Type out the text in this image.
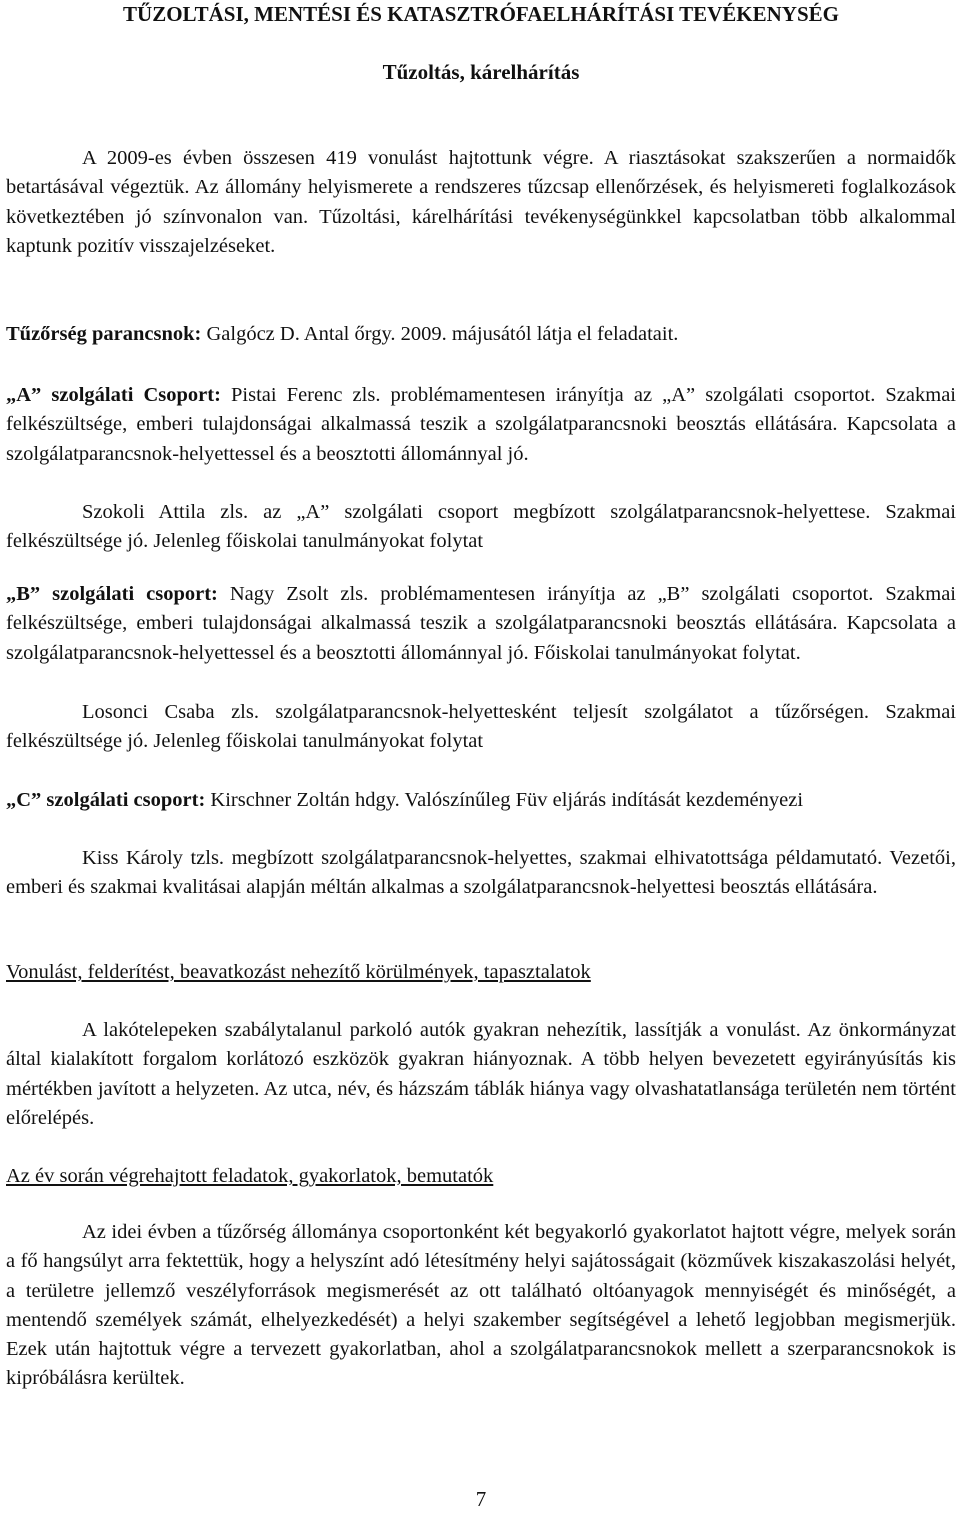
TŰZOLTÁSI, MENTÉSI ÉS KATASZTRÓFAELHÁRÍTÁSI TEVÉKENYSÉG
Tűzoltás, kárelhárítás

A 2009-es évben összesen 419 vonulást hajtottunk végre. A riasztásokat szakszerűen a normaidők betartásával végeztük. Az állomány helyismerete a rendszeres tűzcsap ellenőrzések, és helyismereti foglalkozások következtében jó színvonalon van. Tűzoltási, kárelhárítási tevékenységünkkel kapcsolatban több alkalommal kaptunk pozitív visszajelzéseket.

Tűzőrség parancsnok: Galgócz D. Antal őrgy. 2009. májusától látja el feladatait.

„A” szolgálati Csoport: Pistai Ferenc zls. problémamentesen irányítja az „A” szolgálati csoportot. Szakmai felkészültsége, emberi tulajdonságai alkalmassá teszik a szolgálatparancsnoki beosztás ellátására. Kapcsolata a szolgálatparancsnok-helyettessel és a beosztotti állománnyal jó.

Szokoli Attila zls. az „A” szolgálati csoport megbízott szolgálatparancsnok-helyettese. Szakmai felkészültsége jó. Jelenleg főiskolai tanulmányokat folytat

„B” szolgálati csoport: Nagy Zsolt zls. problémamentesen irányítja az „B” szolgálati csoportot. Szakmai felkészültsége, emberi tulajdonságai alkalmassá teszik a szolgálatparancsnoki beosztás ellátására. Kapcsolata a szolgálatparancsnok-helyettessel és a beosztotti állománnyal jó. Főiskolai tanulmányokat folytat.

Losonci Csaba zls. szolgálatparancsnok-helyettesként teljesít szolgálatot a tűzőrségen. Szakmai felkészültsége jó. Jelenleg főiskolai tanulmányokat folytat

„C” szolgálati csoport: Kirschner Zoltán hdgy. Valószínűleg Füv eljárás indítását kezdeményezi

Kiss Károly tzls. megbízott szolgálatparancsnok-helyettes, szakmai elhivatottsága példamutató. Vezetői, emberi és szakmai kvalitásai alapján méltán alkalmas a szolgálatparancsnok-helyettesi beosztás ellátására.

Vonulást, felderítést, beavatkozást nehezítő körülmények, tapasztalatok

A lakótelepeken szabálytalanul parkoló autók gyakran nehezítik, lassítják a vonulást. Az önkormányzat által kialakított forgalom korlátozó eszközök gyakran hiányoznak. A több helyen bevezetett egyirányúsítás kis mértékben javított a helyzeten. Az utca, név, és házszám táblák hiánya vagy olvashatatlansága területén nem történt előrelépés.

Az év során végrehajtott feladatok, gyakorlatok, bemutatók

Az idei évben a tűzőrség állománya csoportonként két begyakorló gyakorlatot hajtott végre, melyek során a fő hangsúlyt arra fektettük, hogy a helyszínt adó létesítmény helyi sajátosságait (közművek kiszakaszolási helyét, a területre jellemző veszélyforrások megismerését az ott található oltóanyagok mennyiségét és minőségét, a mentendő személyek számát, elhelyezkedését) a helyi szakember segítségével a lehető legjobban megismerjük. Ezek után hajtottuk végre a tervezett gyakorlatban, ahol a szolgálatparancsnokok mellett a szerparancsnokok is kipróbálásra kerültek.

7
